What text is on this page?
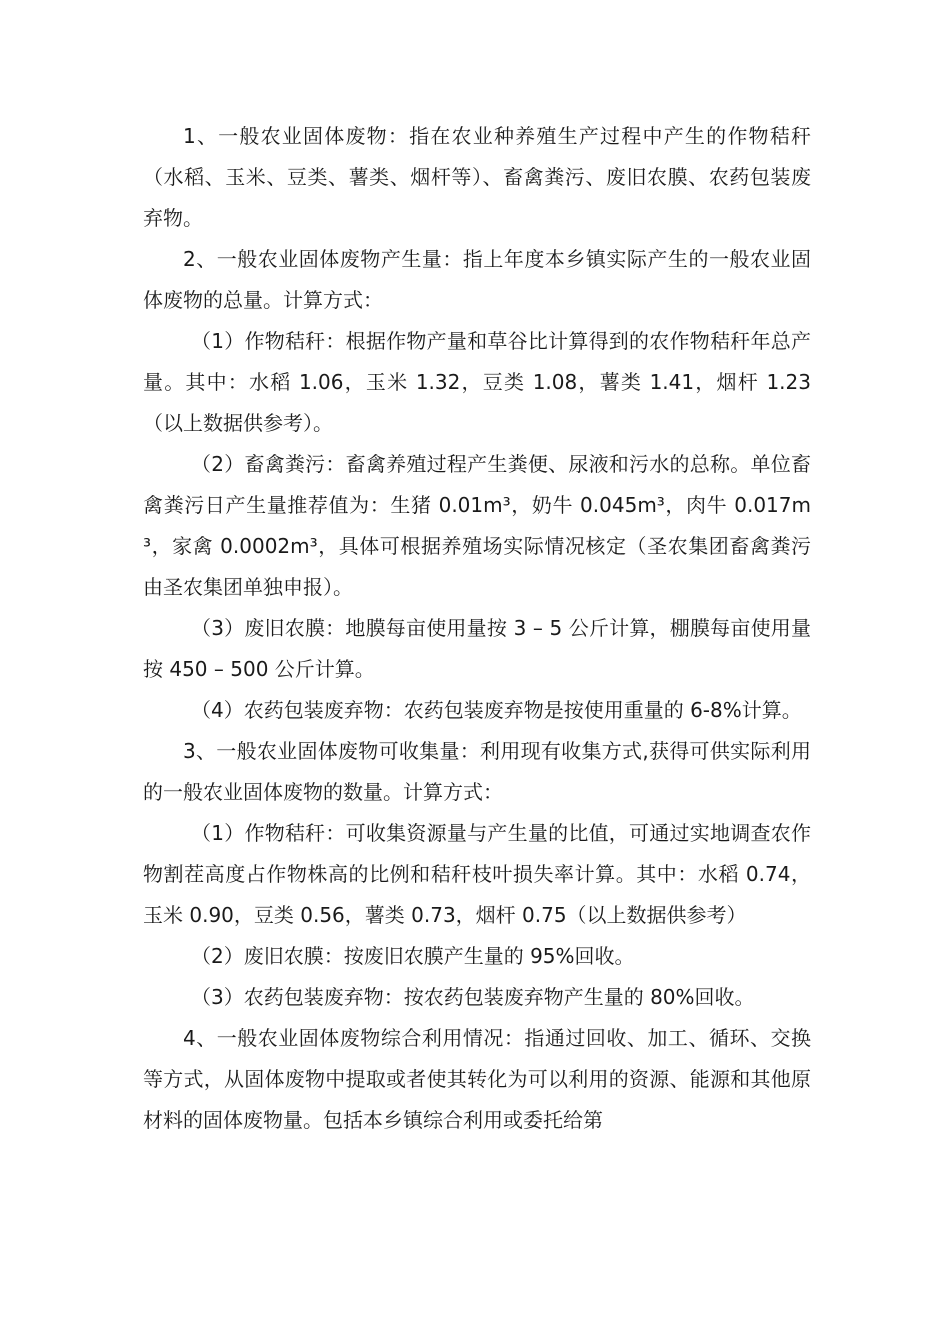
1、一般农业固体废物：指在农业种养殖生产过程中产生的作物秸秆（水稻、玉米、豆类、薯类、烟杆等）、畜禽粪污、废旧农膜、农药包装废弃物。

2、一般农业固体废物产生量：指上年度本乡镇实际产生的一般农业固体废物的总量。计算方式：

（1）作物秸秆：根据作物产量和草谷比计算得到的农作物秸秆年总产量。其中：水稻 1.06，玉米 1.32，豆类 1.08，薯类 1.41，烟杆 1.23（以上数据供参考）。

（2）畜禽粪污：畜禽养殖过程产生粪便、尿液和污水的总称。单位畜禽粪污日产生量推荐值为：生猪 0.01m³，奶牛 0.045m³，肉牛 0.017m³，家禽 0.0002m³，具体可根据养殖场实际情况核定（圣农集团畜禽粪污由圣农集团单独申报）。

（3）废旧农膜：地膜每亩使用量按 3 – 5 公斤计算，棚膜每亩使用量按 450 – 500 公斤计算。

（4）农药包装废弃物：农药包装废弃物是按使用重量的 6-8%计算。

3、一般农业固体废物可收集量：利用现有收集方式,获得可供实际利用的一般农业固体废物的数量。计算方式：

（1）作物秸秆：可收集资源量与产生量的比值，可通过实地调查农作物割茬高度占作物株高的比例和秸秆枝叶损失率计算。其中：水稻 0.74，玉米 0.90，豆类 0.56，薯类 0.73，烟杆 0.75（以上数据供参考）

（2）废旧农膜：按废旧农膜产生量的 95%回收。

（3）农药包装废弃物：按农药包装废弃物产生量的 80%回收。

4、一般农业固体废物综合利用情况：指通过回收、加工、循环、交换等方式，从固体废物中提取或者使其转化为可以利用的资源、能源和其他原材料的固体废物量。包括本乡镇综合利用或委托给第
